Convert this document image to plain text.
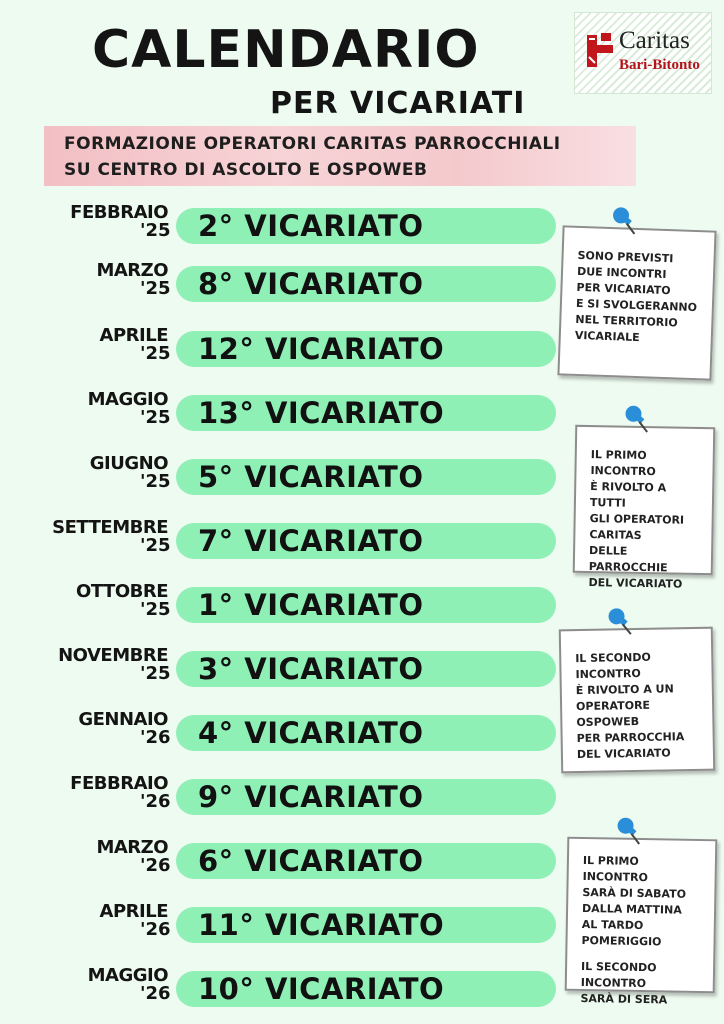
CALENDARIO
PER VICARIATI
Caritas
Bari-Bitonto
FORMAZIONE OPERATORI CARITAS PARROCCHIALI
SU CENTRO DI ASCOLTO E OSPOWEB
FEBBRAIO
'25 2° VICARIATO
MARZO
'25 8° VICARIATO
APRILE
'25 12° VICARIATO
MAGGIO
'25 13° VICARIATO
GIUGNO
'25 5° VICARIATO
SETTEMBRE
'25 7° VICARIATO
OTTOBRE
'25 1° VICARIATO
NOVEMBRE
'25 3° VICARIATO
GENNAIO
'26 4° VICARIATO
FEBBRAIO
'26 9° VICARIATO
MARZO
'26 6° VICARIATO
APRILE
'26 11° VICARIATO
MAGGIO
'26 10° VICARIATO
SONO PREVISTI
DUE INCONTRI
PER VICARIATO
E SI SVOLGERANNO
NEL TERRITORIO
VICARIALE
IL PRIMO INCONTRO
È RIVOLTO A TUTTI
GLI OPERATORI
CARITAS
DELLE PARROCCHIE
DEL VICARIATO
IL SECONDO INCONTRO
È RIVOLTO A UN
OPERATORE OSPOWEB
PER PARROCCHIA
DEL VICARIATO
IL PRIMO INCONTRO
SARÀ DI SABATO
DALLA MATTINA
AL TARDO POMERIGGIO
IL SECONDO INCONTRO
SARÀ DI SERA
